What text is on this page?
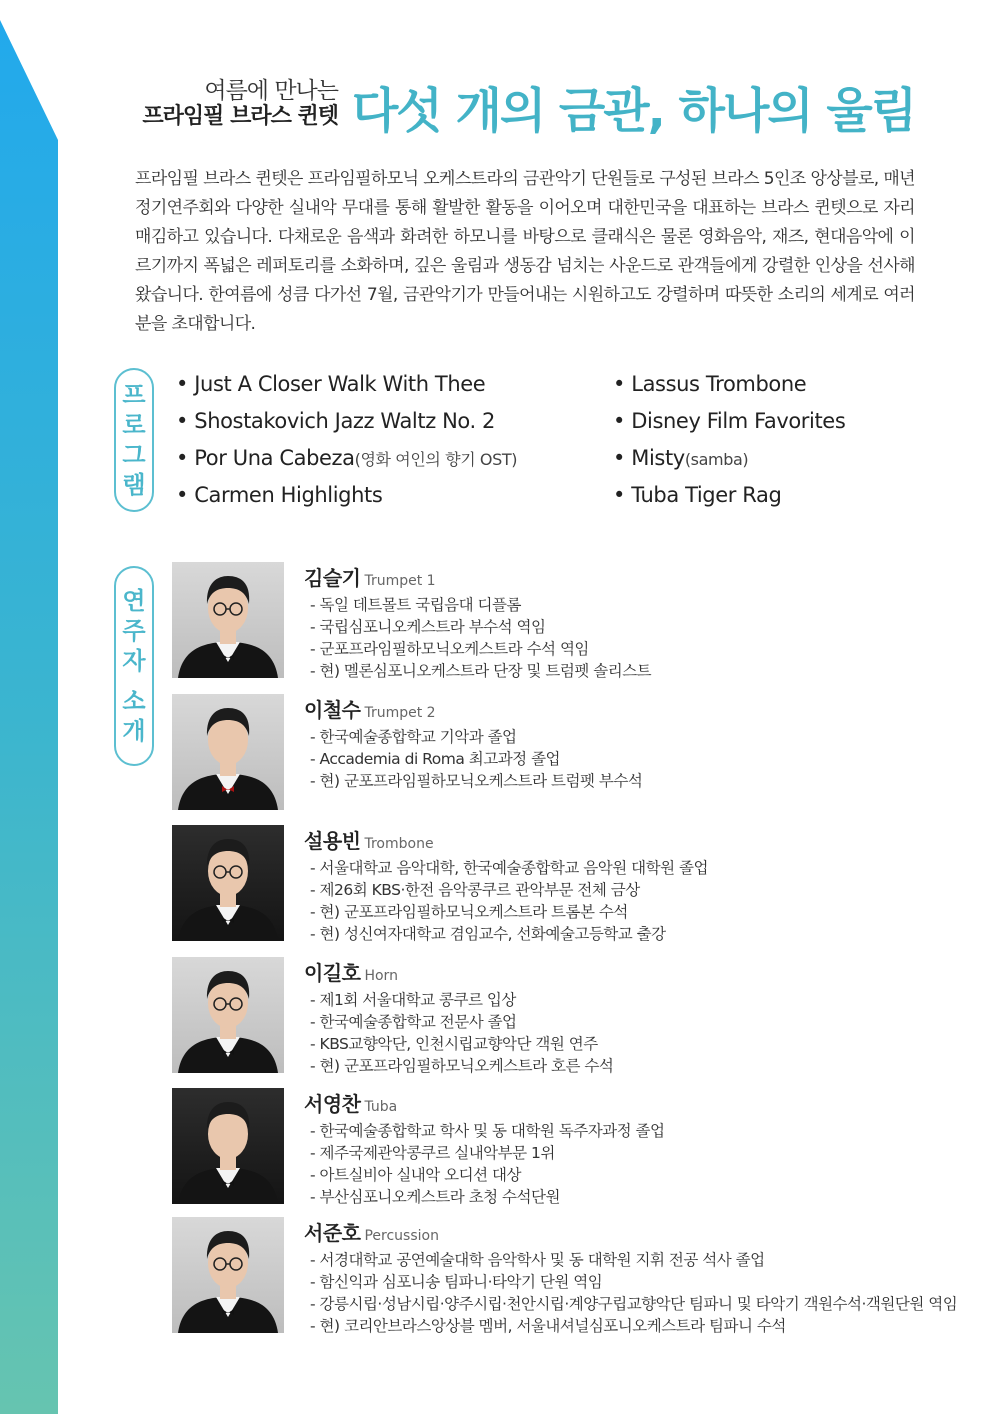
여름에 만나는
프라임필 브라스 퀸텟 다섯 개의 금관, 하나의 울림
프라임필 브라스 퀸텟은 프라임필하모닉 오케스트라의 금관악기 단원들로 구성된 브라스 5인조 앙상블로, 매년 정기연주회와 다양한 실내악 무대를 통해 활발한 활동을 이어오며 대한민국을 대표하는 브라스 퀸텟으로 자리매김하고 있습니다. 다채로운 음색과 화려한 하모니를 바탕으로 클래식은 물론 영화음악, 재즈, 현대음악에 이르기까지 폭넓은 레퍼토리를 소화하며, 깊은 울림과 생동감 넘치는 사운드로 관객들에게 강렬한 인상을 선사해 왔습니다. 한여름에 성큼 다가선 7월, 금관악기가 만들어내는 시원하고도 강렬하며 따뜻한 소리의 세계로 여러분을 초대합니다.
프
로
그
램
• Just A Closer Walk With Thee
• Shostakovich Jazz Waltz No. 2
• Por Una Cabeza(영화 여인의 향기 OST)
• Carmen Highlights
• Lassus Trombone
• Disney Film Favorites
• Misty(samba)
• Tuba Tiger Rag
연
주
자

소
개
김슬기 Trumpet 1
- 독일 데트몰트 국립음대 디플롬
- 국립심포니오케스트라 부수석 역임
- 군포프라임필하모닉오케스트라 수석 역임
- 현) 멜론심포니오케스트라 단장 및 트럼펫 솔리스트
이철수 Trumpet 2
- 한국예술종합학교 기악과 졸업
- Accademia di Roma 최고과정 졸업
- 현) 군포프라임필하모닉오케스트라 트럼펫 부수석
설용빈 Trombone
- 서울대학교 음악대학, 한국예술종합학교 음악원 대학원 졸업
- 제26회 KBS·한전 음악콩쿠르 관악부문 전체 금상
- 현) 군포프라임필하모닉오케스트라 트롬본 수석
- 현) 성신여자대학교 겸임교수, 선화예술고등학교 출강
이길호 Horn
- 제1회 서울대학교 콩쿠르 입상
- 한국예술종합학교 전문사 졸업
- KBS교향악단, 인천시립교향악단 객원 연주
- 현) 군포프라임필하모닉오케스트라 호른 수석
서영찬 Tuba
- 한국예술종합학교 학사 및 동 대학원 독주자과정 졸업
- 제주국제관악콩쿠르 실내악부문 1위
- 아트실비아 실내악 오디션 대상
- 부산심포니오케스트라 초청 수석단원
서준호 Percussion
- 서경대학교 공연예술대학 음악학사 및 동 대학원 지휘 전공 석사 졸업
- 함신익과 심포니송 팀파니·타악기 단원 역임
- 강릉시립·성남시립·양주시립·천안시립·계양구립교향악단 팀파니 및 타악기 객원수석·객원단원 역임
- 현) 코리안브라스앙상블 멤버, 서울내셔널심포니오케스트라 팀파니 수석
